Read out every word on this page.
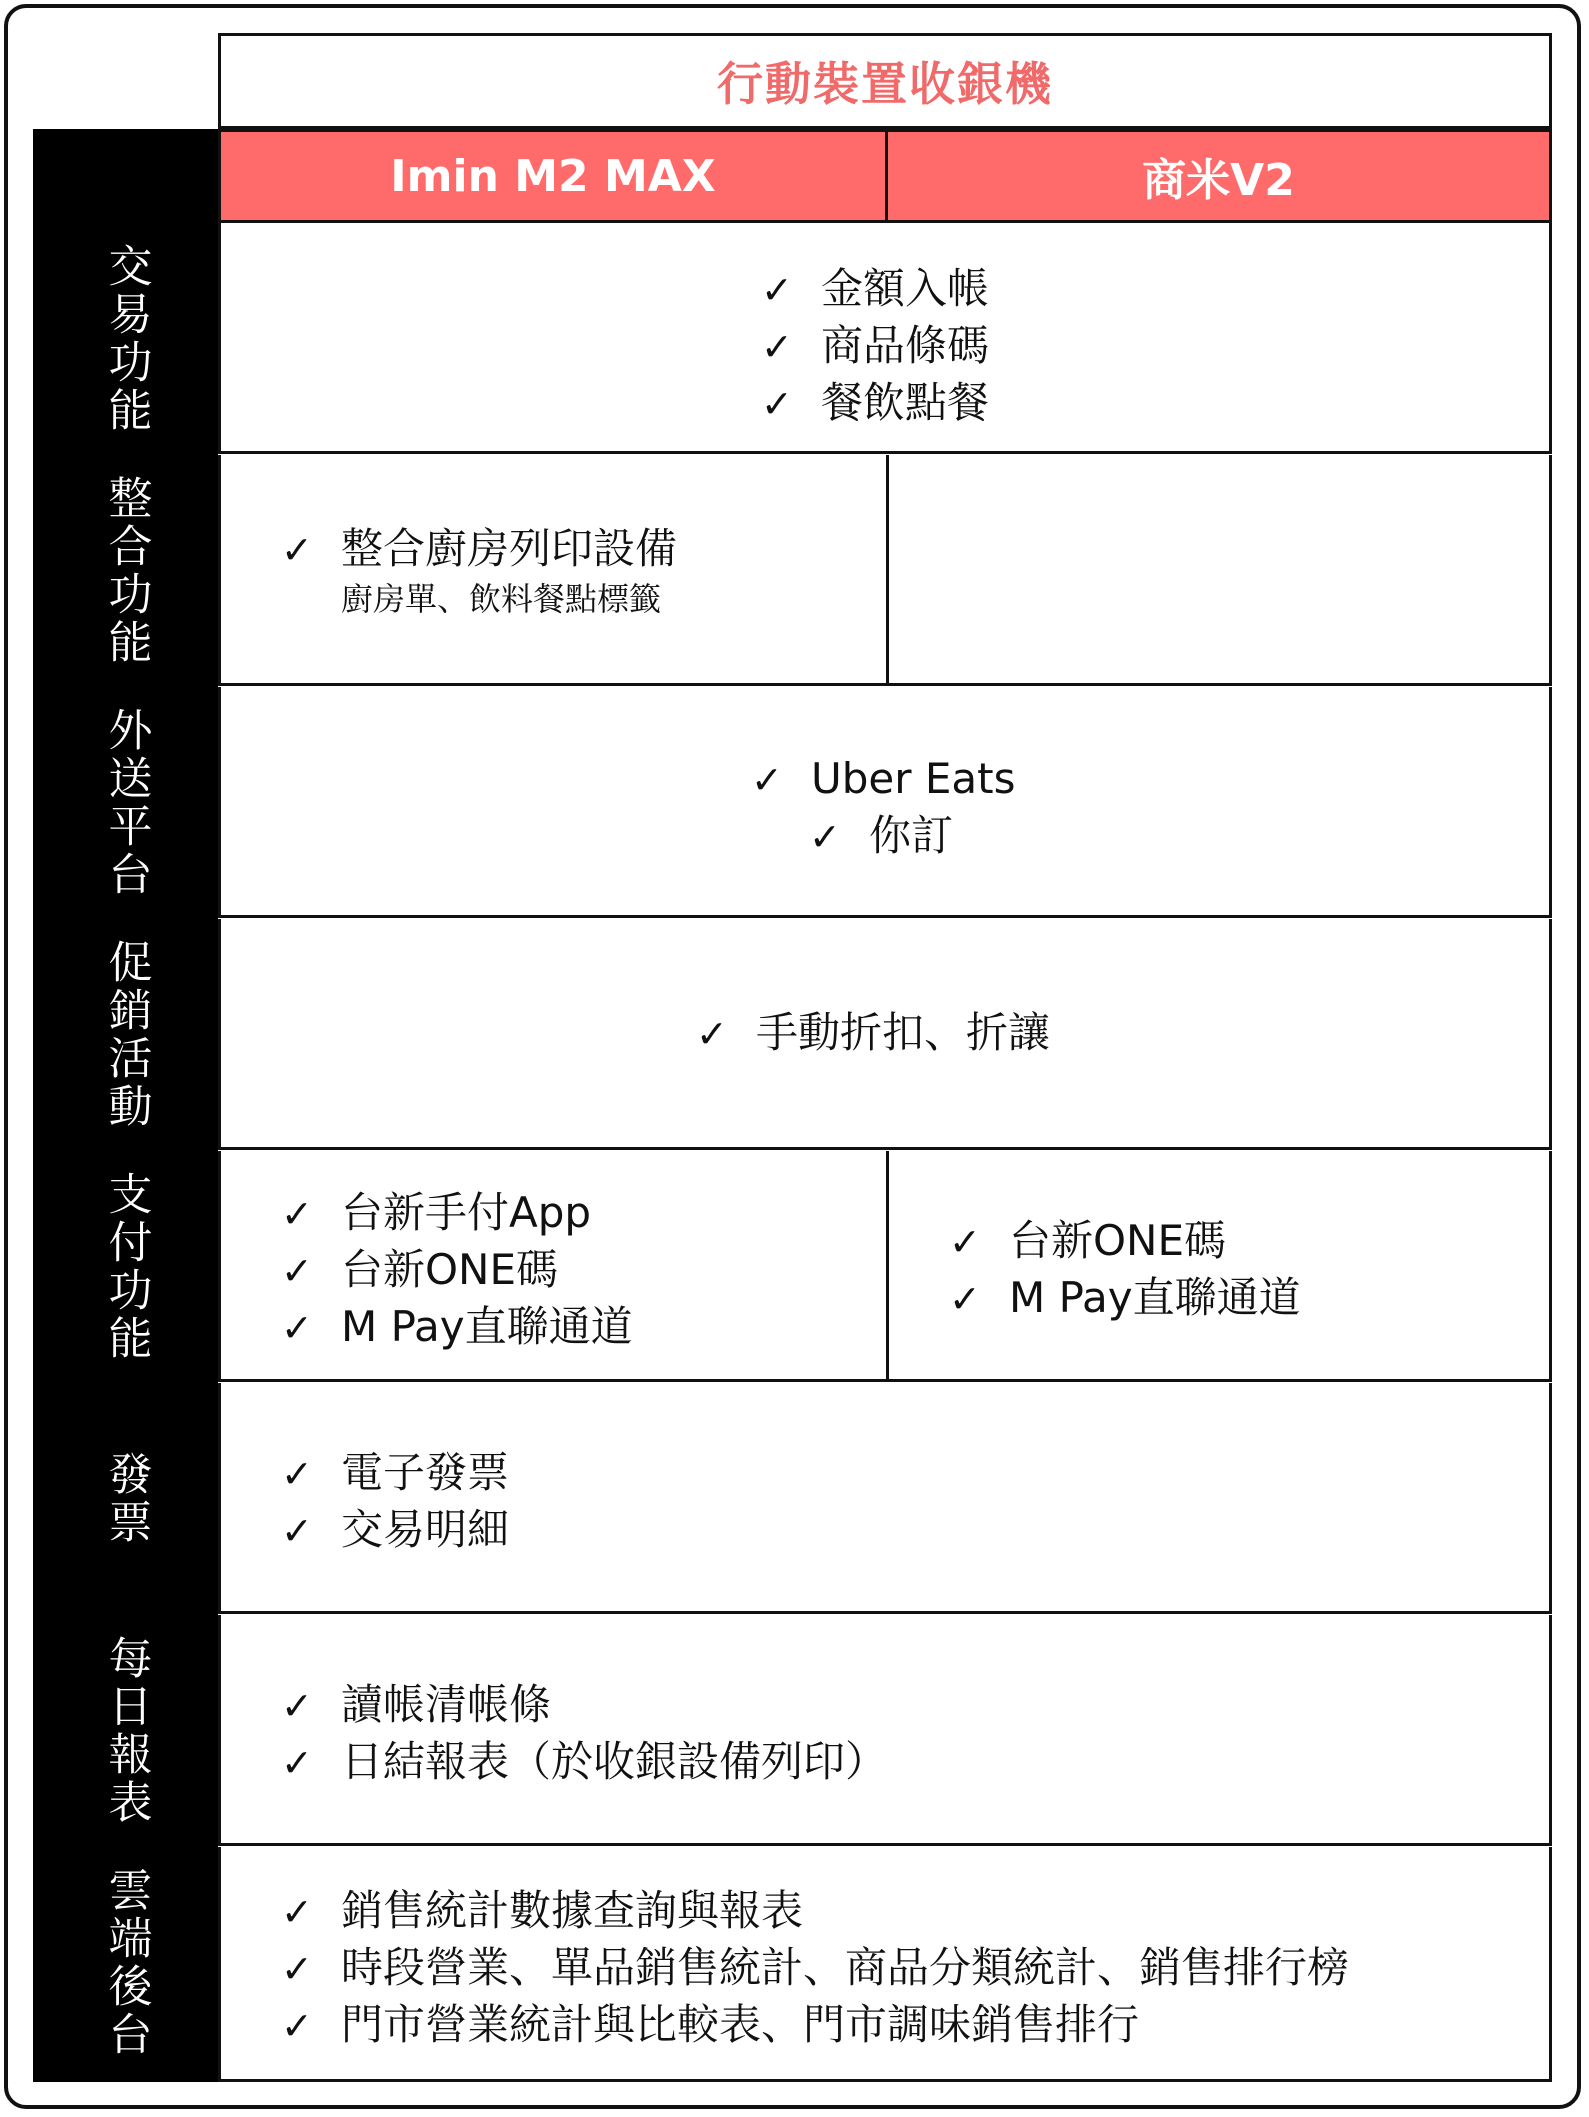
行動裝置收銀機
交易功能
整合功能
外送平台
促銷活動
支付功能
發票
每日報表
雲端後台
Imin M2 MAX	商米V2
✓ 金額入帳
✓ 商品條碼
✓ 餐飲點餐
✓ 整合廚房列印設備
廚房單、飲料餐點標籤
✓ Uber Eats
✓ 你訂
✓ 手動折扣、折讓
✓ 台新手付App
✓ 台新ONE碼
✓ M Pay直聯通道
✓ 台新ONE碼
✓ M Pay直聯通道
✓ 電子發票
✓ 交易明細
✓ 讀帳清帳條
✓ 日結報表（於收銀設備列印）
✓ 銷售統計數據查詢與報表
✓ 時段營業、單品銷售統計、商品分類統計、銷售排行榜
✓ 門市營業統計與比較表、門市調味銷售排行
